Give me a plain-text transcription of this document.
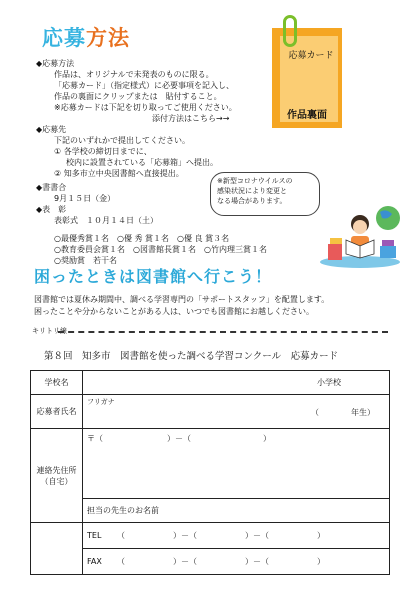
応募方法
応募カード
作品裏面
◆応募方法
作品は、オリジナルで未発表のものに限る。
「応募カード」（指定様式）に必要事項を記入し、
作品の裏面にクリップまたは　貼付すること。
※応募カードは下記を切り取ってご使用ください。
添付方法はこちら→→
◆応募先
下記のいずれかで提出してください。
① 各学校の締切日までに、
校内に設置されている「応募箱」へ提出。
② 知多市立中央図書館へ直接提出。
◆書書合
9月１５日（金）
◆表　彰
表彰式　１０月１４日（土）
○最優秀賞１名　○優 秀 賞１名　○優 良 賞３名
○教育委員会賞１名　○図書館長賞１名　○竹内理三賞１名
○奨励賞　若干名
※新型コロナウイルスの
感染状況により変更と
なる場合があります。
困ったときは図書館へ行こう！
図書館では夏休み期間中、調べる学習専門の「サポートスタッフ」を配置します。
困ったことや分からないことがある人は、いつでも図書館にお越しください。
キリトリ線
第８回　知多市　図書館を使った調べる学習コンクール　応募カード
学校名	小学校
応募者氏名	フリガナ
（　　　　年生）

連絡先住所
（自宅）	〒（　　　　　　　　）－（　　　　　　　　　）
	担当の先生のお名前
	TEL （　　　　　　）－（　　　　　　）－（　　　　　　）
	FAX （　　　　　　）－（　　　　　　）－（　　　　　　）
